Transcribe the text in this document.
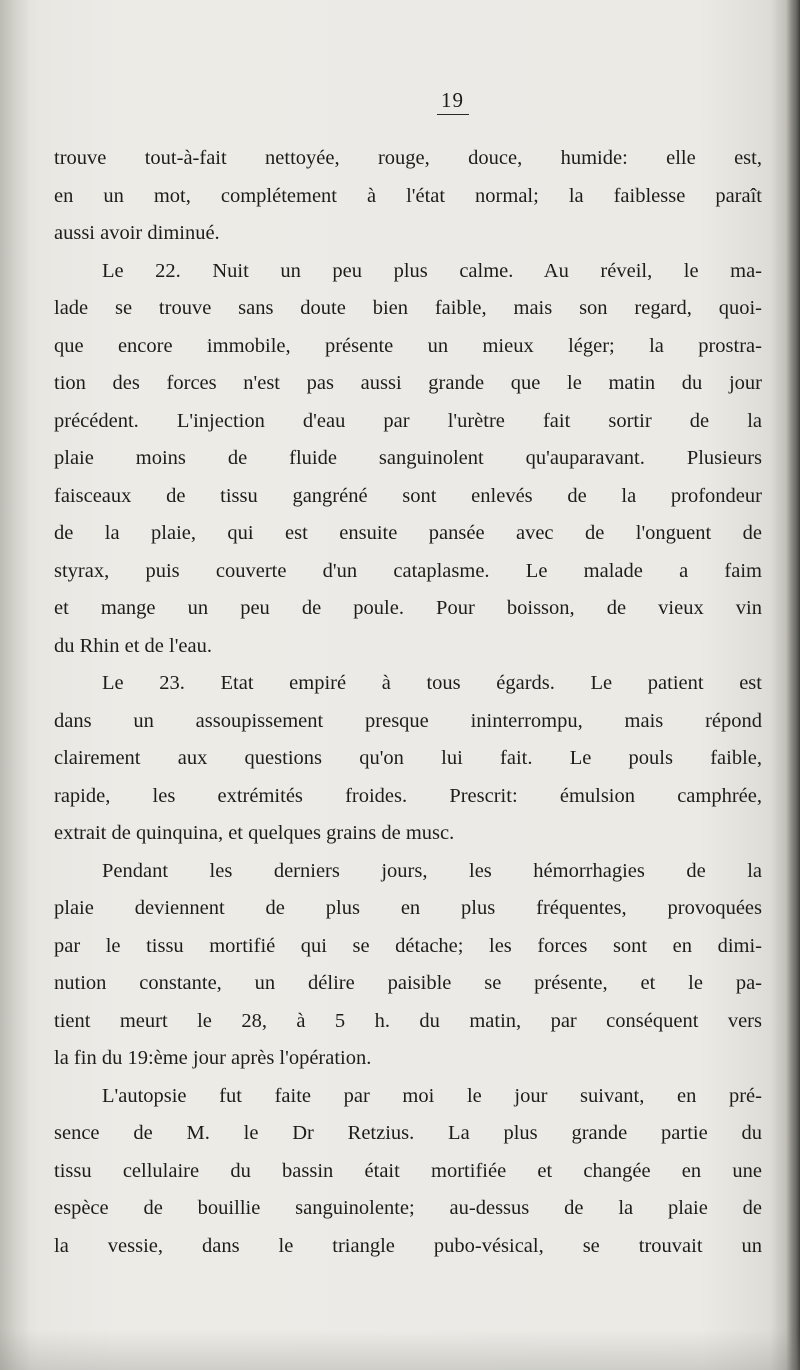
19
trouve tout-à-fait nettoyée, rouge, douce, humide: elle est,
en un mot, complétement à l'état normal; la faiblesse paraît
aussi avoir diminué.
Le 22. Nuit un peu plus calme. Au réveil, le ma-
lade se trouve sans doute bien faible, mais son regard, quoi-
que encore immobile, présente un mieux léger; la prostra-
tion des forces n'est pas aussi grande que le matin du jour
précédent. L'injection d'eau par l'urètre fait sortir de la
plaie moins de fluide sanguinolent qu'auparavant. Plusieurs
faisceaux de tissu gangréné sont enlevés de la profondeur
de la plaie, qui est ensuite pansée avec de l'onguent de
styrax, puis couverte d'un cataplasme. Le malade a faim
et mange un peu de poule. Pour boisson, de vieux vin
du Rhin et de l'eau.
Le 23. Etat empiré à tous égards. Le patient est
dans un assoupissement presque ininterrompu, mais répond
clairement aux questions qu'on lui fait. Le pouls faible,
rapide, les extrémités froides. Prescrit: émulsion camphrée,
extrait de quinquina, et quelques grains de musc.
Pendant les derniers jours, les hémorrhagies de la
plaie deviennent de plus en plus fréquentes, provoquées
par le tissu mortifié qui se détache; les forces sont en dimi-
nution constante, un délire paisible se présente, et le pa-
tient meurt le 28, à 5 h. du matin, par conséquent vers
la fin du 19:ème jour après l'opération.
L'autopsie fut faite par moi le jour suivant, en pré-
sence de M. le Dr Retzius. La plus grande partie du
tissu cellulaire du bassin était mortifiée et changée en une
espèce de bouillie sanguinolente; au-dessus de la plaie de
la vessie, dans le triangle pubo-vésical, se trouvait un
